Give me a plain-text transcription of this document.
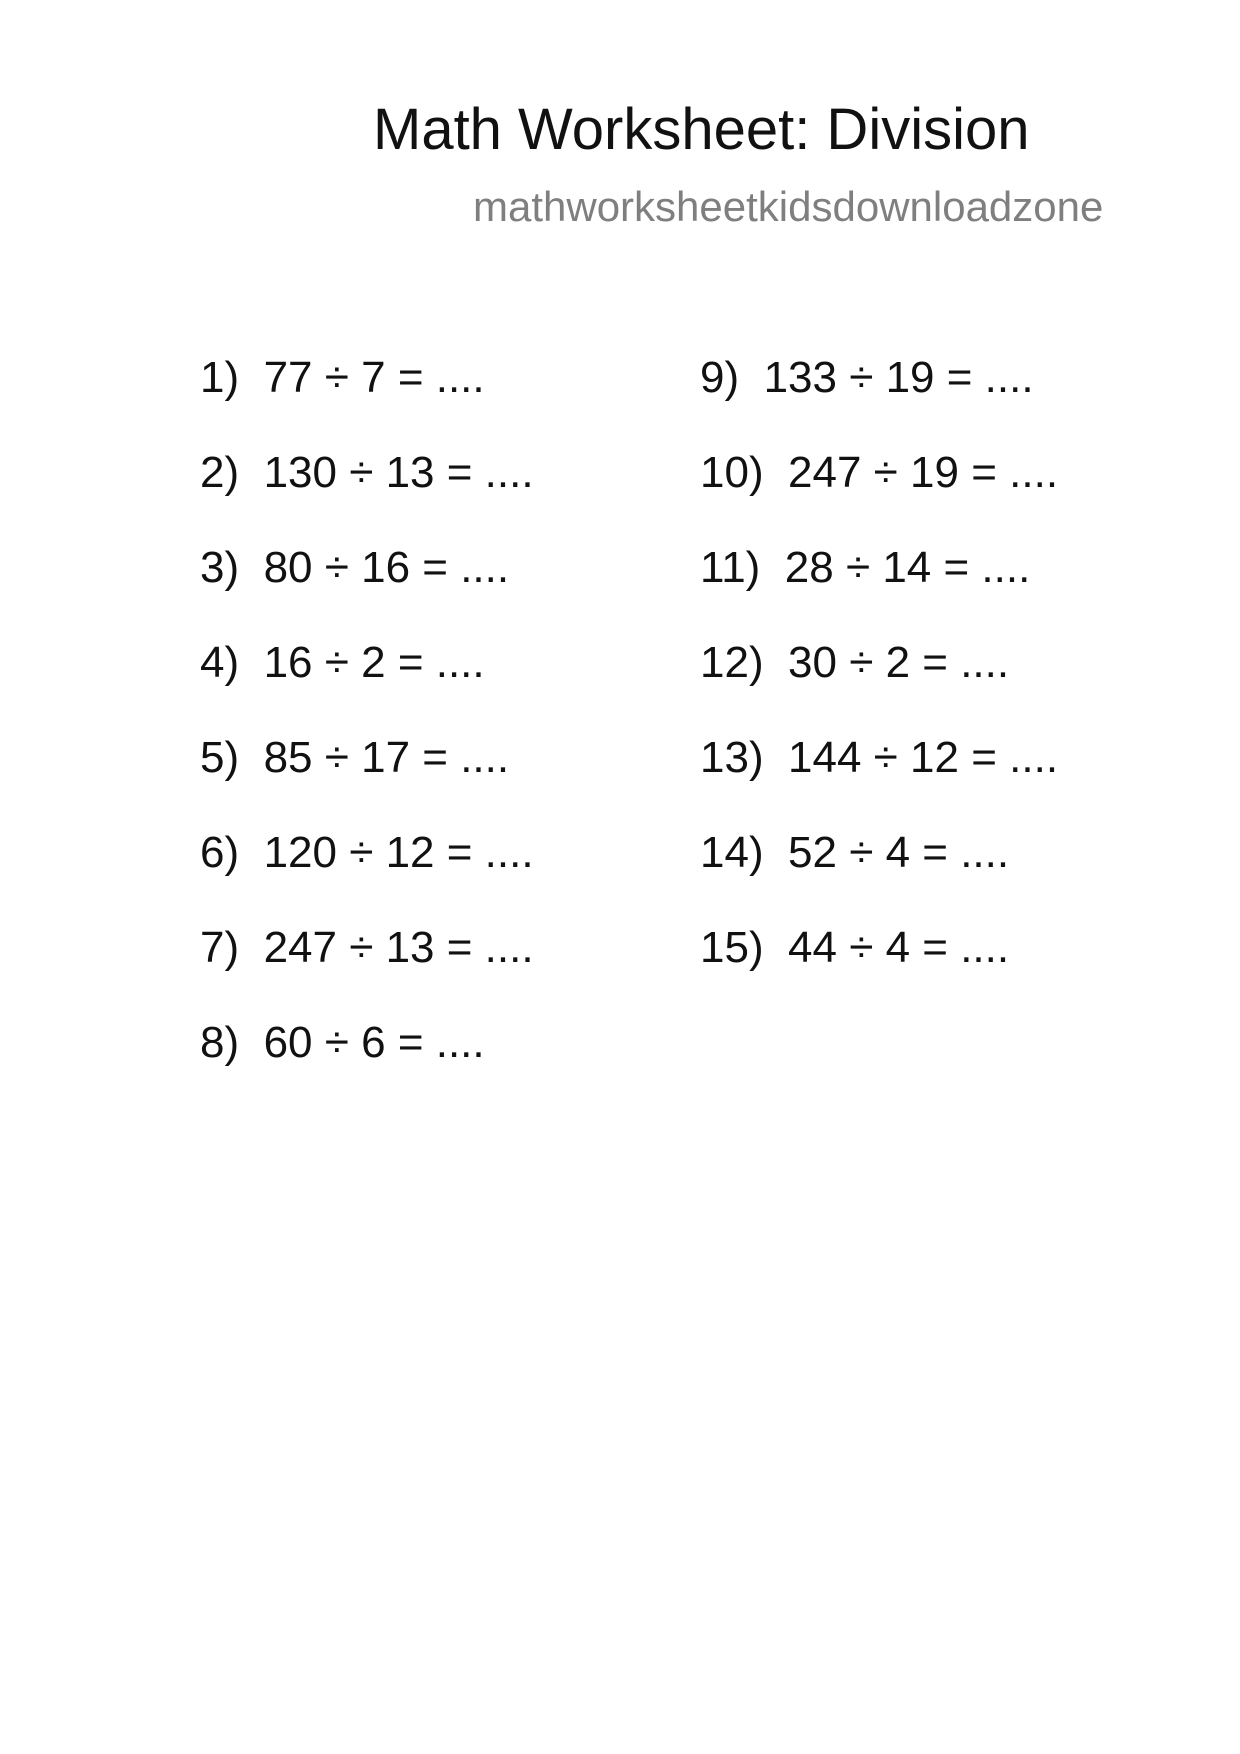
Math Worksheet: Division
mathworksheetkidsdownloadzone
1) 77 ÷ 7 = ....
2) 130 ÷ 13 = ....
3) 80 ÷ 16 = ....
4) 16 ÷ 2 = ....
5) 85 ÷ 17 = ....
6) 120 ÷ 12 = ....
7) 247 ÷ 13 = ....
8) 60 ÷ 6 = ....
9) 133 ÷ 19 = ....
10) 247 ÷ 19 = ....
11) 28 ÷ 14 = ....
12) 30 ÷ 2 = ....
13) 144 ÷ 12 = ....
14) 52 ÷ 4 = ....
15) 44 ÷ 4 = ....
